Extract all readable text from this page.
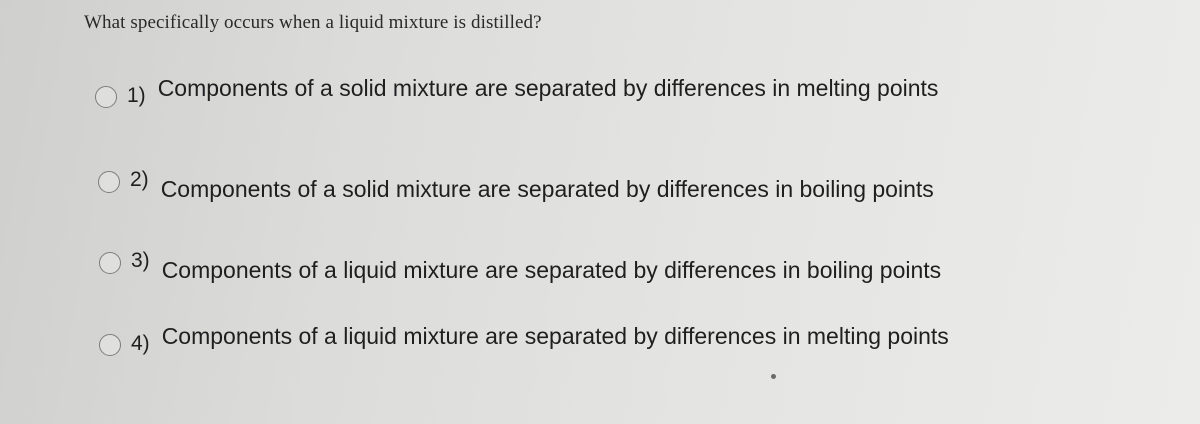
What specifically occurs when a liquid mixture is distilled?
1) Components of a solid mixture are separated by differences in melting points
2) Components of a solid mixture are separated by differences in boiling points
3) Components of a liquid mixture are separated by differences in boiling points
4) Components of a liquid mixture are separated by differences in melting points
